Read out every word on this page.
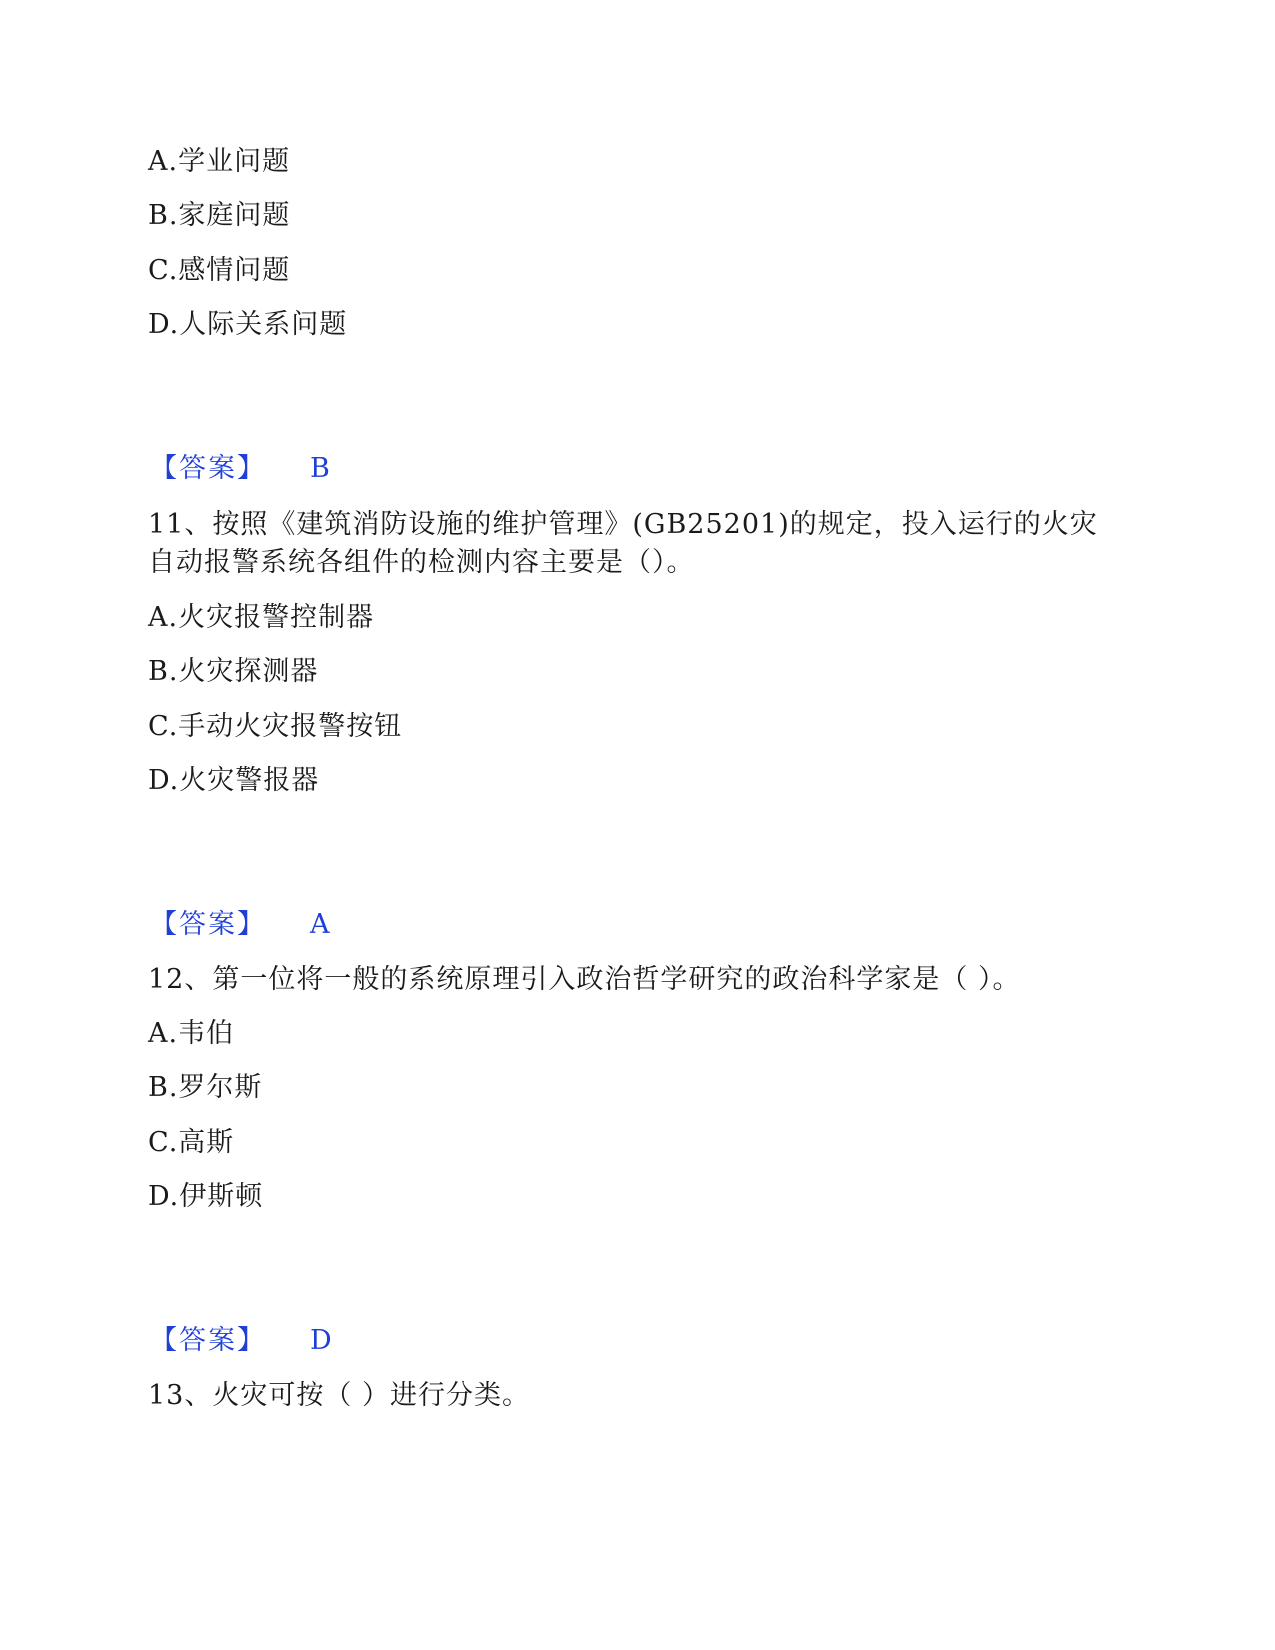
A.学业问题
B.家庭问题
C.感情问题
D.人际关系问题
【答案】 B
11、按照《建筑消防设施的维护管理》(GB25201)的规定，投入运行的火灾
自动报警系统各组件的检测内容主要是（）。
A.火灾报警控制器
B.火灾探测器
C.手动火灾报警按钮
D.火灾警报器
【答案】 A
12、第一位将一般的系统原理引入政治哲学研究的政治科学家是（ ）。
A.韦伯
B.罗尔斯
C.高斯
D.伊斯顿
【答案】 D
13、火灾可按（ ）进行分类。
